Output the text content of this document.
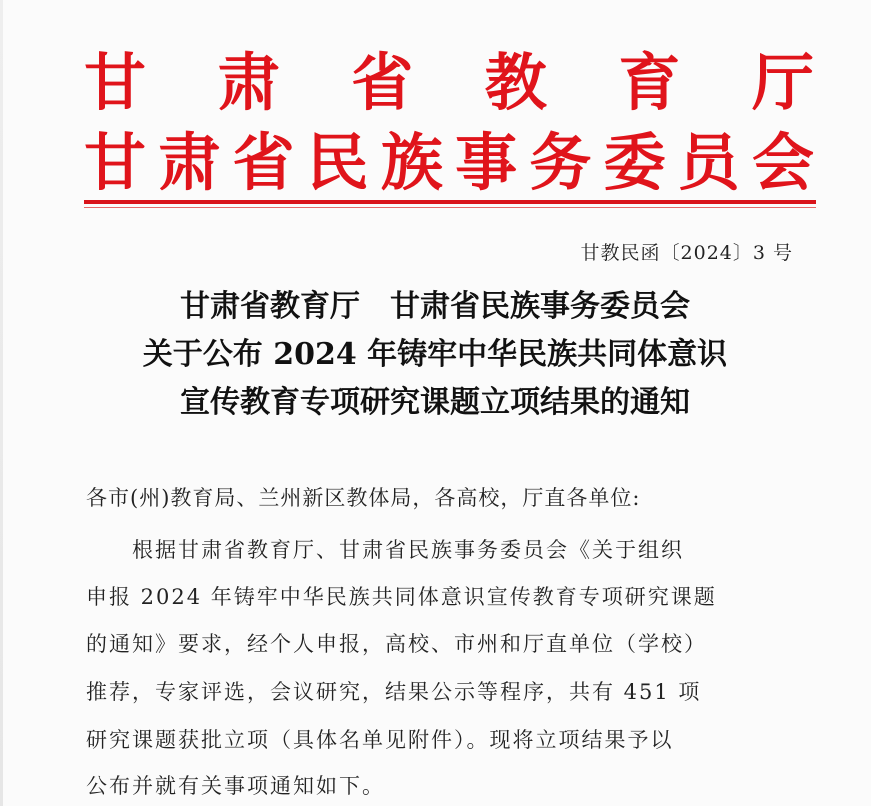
甘 肃 省 教 育 厅
甘 肃 省 民 族 事 务 委 员 会
甘教民函〔2024〕3 号
甘肃省教育厅　甘肃省民族事务委员会
关于公布 2024 年铸牢中华民族共同体意识
宣传教育专项研究课题立项结果的通知
各市(州)教育局、兰州新区教体局，各高校，厅直各单位:
根据甘肃省教育厅、甘肃省民族事务委员会《关于组织
申报 2024 年铸牢中华民族共同体意识宣传教育专项研究课题
的通知》要求，经个人申报，高校、市州和厅直单位（学校）
推荐，专家评选，会议研究，结果公示等程序，共有 451 项
研究课题获批立项（具体名单见附件）。现将立项结果予以
公布并就有关事项通知如下。
